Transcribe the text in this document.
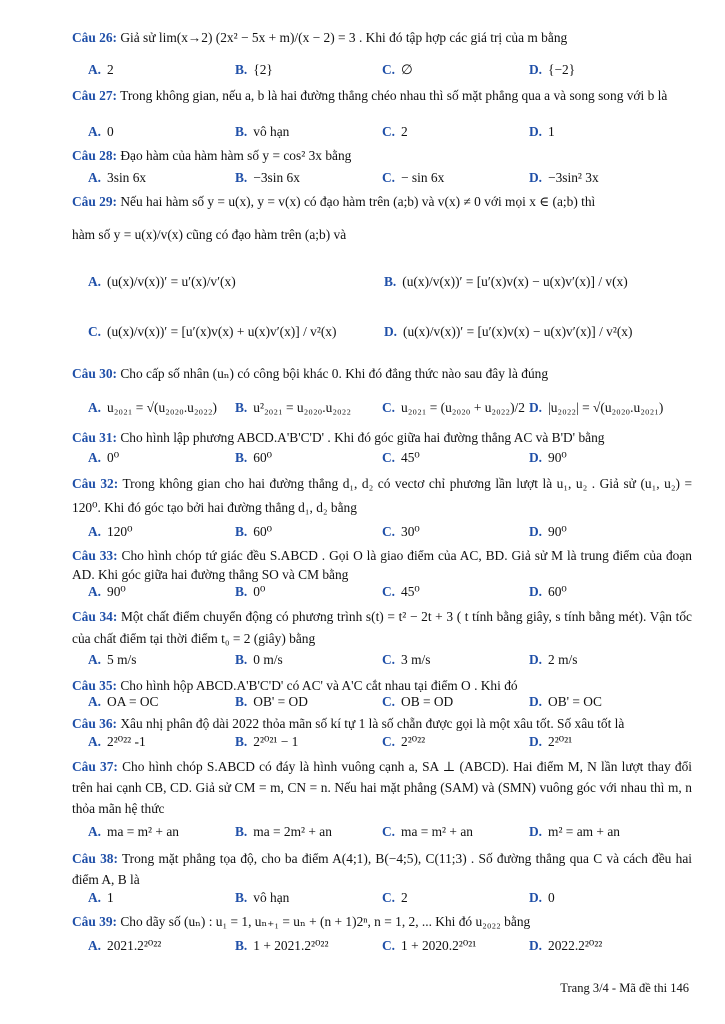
Câu 26: Giả sử lim(x→2) (2x² − 5x + m)/(x − 2) = 3 . Khi đó tập hợp các giá trị của m bằng
A. 2	B. {2}	C. ∅	D. {−2}
Câu 27: Trong không gian, nếu a, b là hai đường thẳng chéo nhau thì số mặt phẳng qua a và song song với b là
A. 0	B. vô hạn	C. 2	D. 1
Câu 28: Đạo hàm của hàm hàm số y = cos² 3x bằng
A. 3sin 6x	B. −3sin 6x	C. − sin 6x	D. −3sin² 3x
Câu 29: Nếu hai hàm số y = u(x), y = v(x) có đạo hàm trên (a;b) và v(x) ≠ 0 với mọi x ∈ (a;b) thì
hàm số y = u(x)/v(x) cũng có đạo hàm trên (a;b) và
A. (u(x)/v(x))′ = u′(x)/v′(x)	B. (u(x)/v(x))′ = [u′(x)v(x) − u(x)v′(x)] / v(x)
C. (u(x)/v(x))′ = [u′(x)v(x) + u(x)v′(x)] / v²(x)	D. (u(x)/v(x))′ = [u′(x)v(x) − u(x)v′(x)] / v²(x)
Câu 30: Cho cấp số nhân (uₙ) có công bội khác 0. Khi đó đẳng thức nào sau đây là đúng
A. u₂₀₂₁ = √(u₂₀₂₀.u₂₀₂₂) B. u²₂₀₂₁ = u₂₀₂₀.u₂₀₂₂ C. u₂₀₂₁ = (u₂₀₂₀ + u₂₀₂₂)/2 D. |u₂₀₂₂| = √(u₂₀₂₀.u₂₀₂₁)
Câu 31: Cho hình lập phương ABCD.A'B'C'D' . Khi đó góc giữa hai đường thẳng AC và B'D' bằng
A. 0⁰	B. 60⁰	C. 45⁰	D. 90⁰
Câu 32: Trong không gian cho hai đường thẳng d₁, d₂ có vectơ chỉ phương lần lượt là u₁, u₂ . Giả sử (u₁, u₂) = 120⁰. Khi đó góc tạo bởi hai đường thẳng d₁, d₂ bằng
A. 120⁰	B. 60⁰	C. 30⁰	D. 90⁰
Câu 33: Cho hình chóp tứ giác đều S.ABCD . Gọi O là giao điểm của AC, BD. Giả sử M là trung điểm của đoạn AD. Khi góc giữa hai đường thẳng SO và CM bằng
A. 90⁰	B. 0⁰	C. 45⁰	D. 60⁰
Câu 34: Một chất điểm chuyển động có phương trình s(t) = t² − 2t + 3 ( t tính bằng giây, s tính bằng mét). Vận tốc của chất điểm tại thời điểm t₀ = 2 (giây) bằng
A. 5 m/s	B. 0 m/s	C. 3 m/s	D. 2 m/s
Câu 35: Cho hình hộp ABCD.A'B'C'D' có AC' và A'C cắt nhau tại điểm O . Khi đó
A. OA = OC	B. OB' = OD	C. OB = OD	D. OB' = OC
Câu 36: Xâu nhị phân độ dài 2022 thỏa mãn số kí tự 1 là số chẵn được gọi là một xâu tốt. Số xâu tốt là
A. 2²⁰²² -1	B. 2²⁰²¹ − 1	C. 2²⁰²²	D. 2²⁰²¹
Câu 37: Cho hình chóp S.ABCD có đáy là hình vuông cạnh a, SA ⊥ (ABCD). Hai điểm M, N lần lượt thay đổi trên hai cạnh CB, CD. Giả sử CM = m, CN = n. Nếu hai mặt phẳng (SAM) và (SMN) vuông góc với nhau thì m, n thỏa mãn hệ thức
A. ma = m² + an	B. ma = 2m² + an	C. ma = m² + an	D. m² = am + an
Câu 38: Trong mặt phẳng tọa độ, cho ba điểm A(4;1), B(−4;5), C(11;3) . Số đường thẳng qua C và cách đều hai điểm A, B là
A. 1	B. vô hạn	C. 2	D. 0
Câu 39: Cho dãy số (uₙ) : u₁ = 1, uₙ₊₁ = uₙ + (n + 1)2ⁿ, n = 1, 2, ... Khi đó u₂₀₂₂ bằng
A. 2021.2²⁰²²	B. 1 + 2021.2²⁰²²	C. 1 + 2020.2²⁰²¹	D. 2022.2²⁰²²
Trang 3/4 - Mã đề thi 146
